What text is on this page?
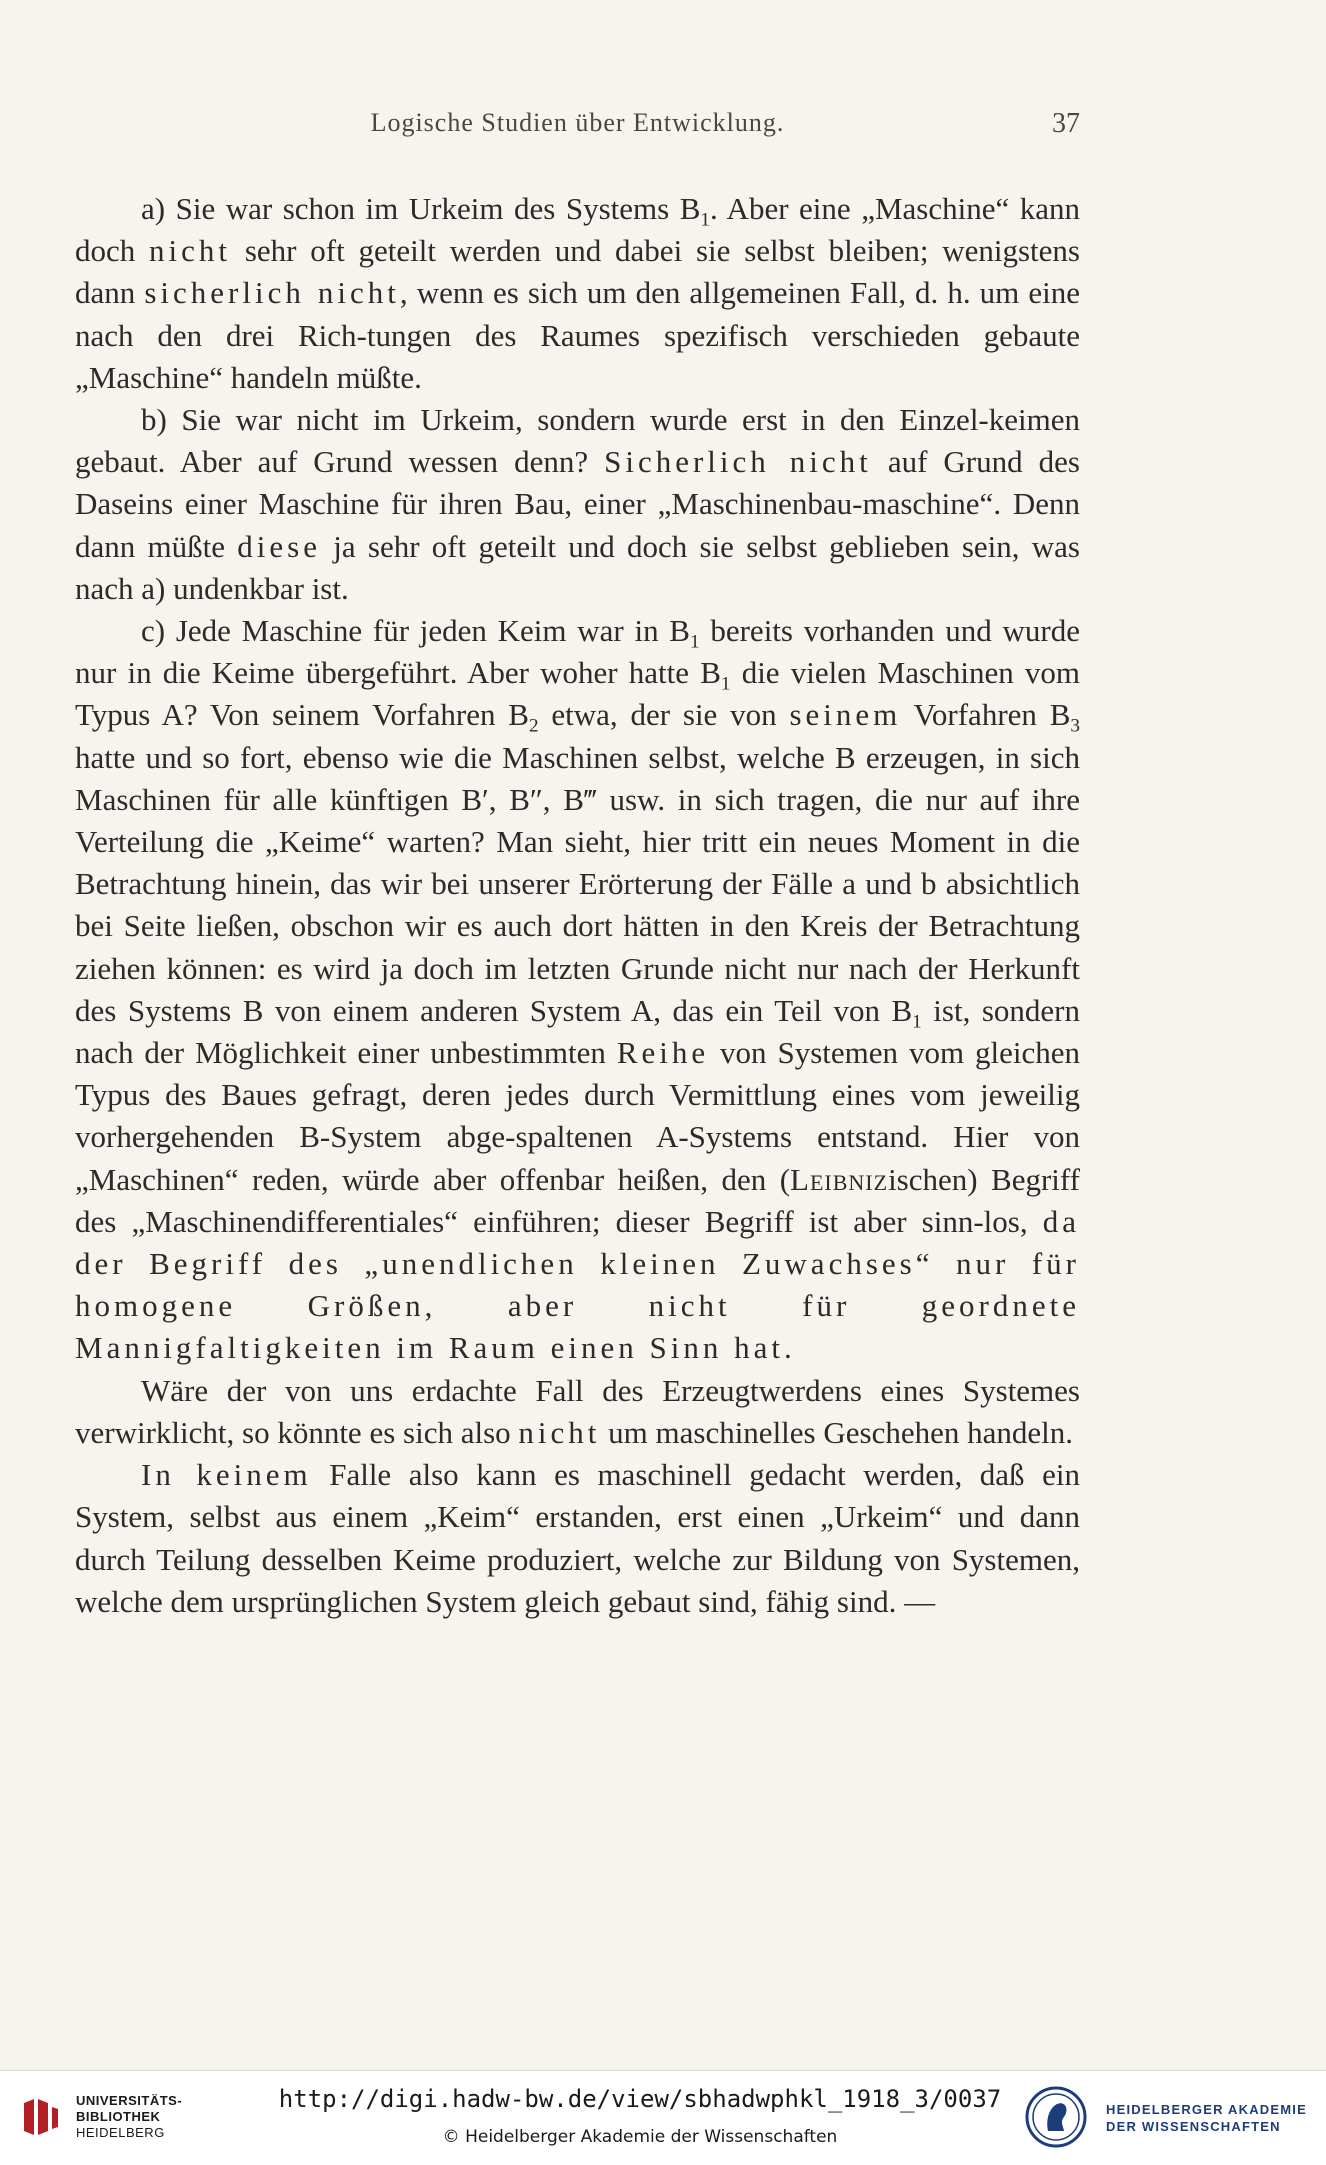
Logische Studien über Entwicklung.	37

a) Sie war schon im Urkeim des Systems $B_1$. Aber eine „Maschine“ kann doch nicht sehr oft geteilt werden und dabei sie selbst bleiben; wenigstens dann sicherlich nicht, wenn es sich um den allgemeinen Fall, d. h. um eine nach den drei Rich-tungen des Raumes spezifisch verschieden gebaute „Maschine“ handeln müßte.

b) Sie war nicht im Urkeim, sondern wurde erst in den Einzel-keimen gebaut. Aber auf Grund wessen denn? Sicherlich nicht auf Grund des Daseins einer Maschine für ihren Bau, einer „Maschinenbau-maschine“. Denn dann müßte diese ja sehr oft geteilt und doch sie selbst geblieben sein, was nach a) undenkbar ist.

c) Jede Maschine für jeden Keim war in $B_1$ bereits vorhanden und wurde nur in die Keime übergeführt. Aber woher hatte $B_1$ die vielen Maschinen vom Typus A? Von seinem Vorfahren $B_2$ etwa, der sie von seinem Vorfahren $B_3$ hatte und so fort, ebenso wie die Maschinen selbst, welche B erzeugen, in sich Maschinen für alle künftigen B′, B″, B‴ usw. in sich tragen, die nur auf ihre Verteilung die „Keime“ warten? Man sieht, hier tritt ein neues Moment in die Betrachtung hinein, das wir bei unserer Erörterung der Fälle a und b absichtlich bei Seite ließen, obschon wir es auch dort hätten in den Kreis der Betrachtung ziehen können: es wird ja doch im letzten Grunde nicht nur nach der Herkunft des Systems B von einem anderen System A, das ein Teil von $B_1$ ist, sondern nach der Möglichkeit einer unbestimmten Reihe von Systemen vom gleichen Typus des Baues gefragt, deren jedes durch Vermittlung eines vom jeweilig vorhergehenden B-System abge-spaltenen A-Systems entstand. Hier von „Maschinen“ reden, würde aber offenbar heißen, den (Leibnizischen) Begriff des „Maschinendifferentiales“ einführen; dieser Begriff ist aber sinn-los, da der Begriff des „unendlichen kleinen Zuwachses“ nur für homogene Größen, aber nicht für geordnete Mannigfaltigkeiten im Raum einen Sinn hat.

Wäre der von uns erdachte Fall des Erzeugtwerdens eines Systemes verwirklicht, so könnte es sich also nicht um maschinelles Geschehen handeln.

In keinem Falle also kann es maschinell gedacht werden, daß ein System, selbst aus einem „Keim“ erstanden, erst einen „Urkeim“ und dann durch Teilung desselben Keime produziert, welche zur Bildung von Systemen, welche dem ursprünglichen System gleich gebaut sind, fähig sind. —

UNIVERSITÄTS-
BIBLIOTHEK
HEIDELBERG
http://digi.hadw-bw.de/view/sbhadwphkl_1918_3/0037
© Heidelberger Akademie der Wissenschaften
HEIDELBERGER AKADEMIE
DER WISSENSCHAFTEN
